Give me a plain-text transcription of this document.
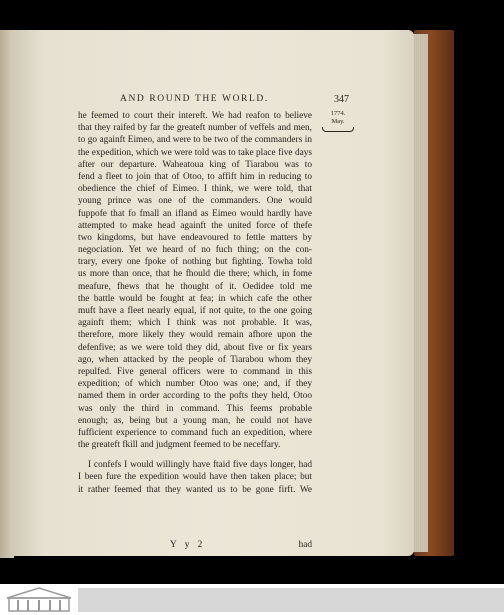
AND ROUND THE WORLD.	347
1774.
May.
he feemed to court their intereft. We had reafon to believe
that they raifed by far the greateft number of veffels and men,
to go againft Eimeo, and were to be two of the commanders in
the expedition, which we were told was to take place five days
after our departure. Waheatoua king of Tiarabou was to
fend a fleet to join that of Otoo, to affift him in reducing to
obedience the chief of Eimeo. I think, we were told, that
young prince was one of the commanders. One would
fuppofe that fo fmall an ifland as Eimeo would hardly have
attempted to make head againft the united force of thefe
two kingdoms, but have endeavoured to fettle matters by
negociation. Yet we heard of no fuch thing; on the con-
trary, every one fpoke of nothing but fighting. Towha told
us more than once, that he fhould die there; which, in fome
meafure, fhews that he thought of it. Oedidee told me
the battle would be fought at fea; in which cafe the other
muft have a fleet nearly equal, if not quite, to the one going
againft them; which I think was not probable. It was,
therefore, more likely they would remain afhore upon the
defenfive; as we were told they did, about five or fix years
ago, when attacked by the people of Tiarabou whom they
repulfed. Five general officers were to command in this
expedition; of which number Otoo was one; and, if they
named them in order according to the pofts they held, Otoo
was only the third in command. This feems probable
enough; as, being but a young man, he could not have
fufficient experience to command fuch an expedition, where
the greateft fkill and judgment feemed to be neceffary.
I confefs I would willingly have ftaid five days longer, had
I been fure the expedition would have then taken place; but
it rather feemed that they wanted us to be gone firft. We
Y y 2	had
